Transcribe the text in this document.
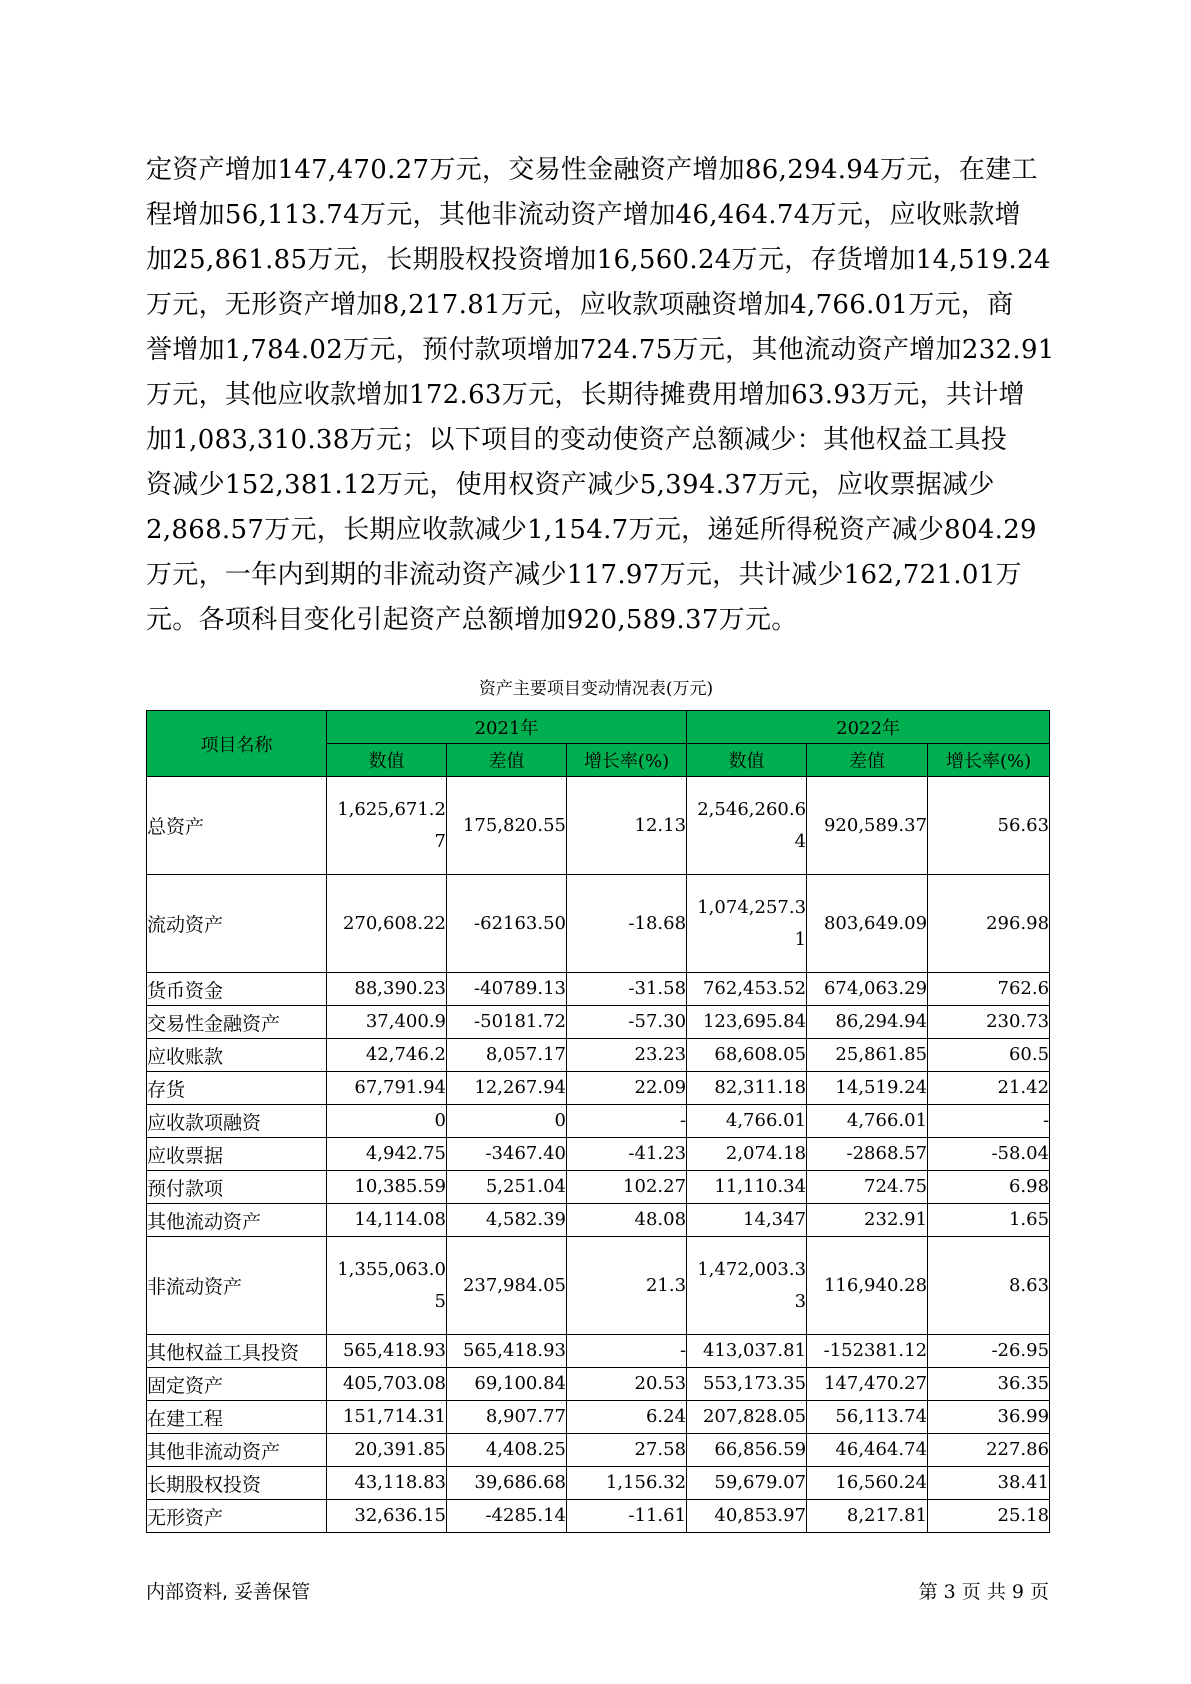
定资产增加147,470.27万元，交易性金融资产增加86,294.94万元，在建工

程增加56,113.74万元，其他非流动资产增加46,464.74万元，应收账款增

加25,861.85万元，长期股权投资增加16,560.24万元，存货增加14,519.24

万元，无形资产增加8,217.81万元，应收款项融资增加4,766.01万元，商

誉增加1,784.02万元，预付款项增加724.75万元，其他流动资产增加232.91

万元，其他应收款增加172.63万元，长期待摊费用增加63.93万元，共计增

加1,083,310.38万元；以下项目的变动使资产总额减少：其他权益工具投

资减少152,381.12万元，使用权资产减少5,394.37万元，应收票据减少

2,868.57万元，长期应收款减少1,154.7万元，递延所得税资产减少804.29

万元，一年内到期的非流动资产减少117.97万元，共计减少162,721.01万

元。各项科目变化引起资产总额增加920,589.37万元。

资产主要项目变动情况表(万元)
项目名称	2021年			2022年		
	数值	差值	增长率(%)	数值	差值	增长率(%)
总资产	1,625,671.27	175,820.55	12.13	2,546,260.64	920,589.37	56.63
流动资产	270,608.22	-62163.50	-18.68	1,074,257.31	803,649.09	296.98
货币资金	88,390.23	-40789.13	-31.58	762,453.52	674,063.29	762.6
交易性金融资产	37,400.9	-50181.72	-57.30	123,695.84	86,294.94	230.73
应收账款	42,746.2	8,057.17	23.23	68,608.05	25,861.85	60.5
存货	67,791.94	12,267.94	22.09	82,311.18	14,519.24	21.42
应收款项融资	0	0	-	4,766.01	4,766.01	-
应收票据	4,942.75	-3467.40	-41.23	2,074.18	-2868.57	-58.04
预付款项	10,385.59	5,251.04	102.27	11,110.34	724.75	6.98
其他流动资产	14,114.08	4,582.39	48.08	14,347	232.91	1.65
非流动资产	1,355,063.05	237,984.05	21.3	1,472,003.33	116,940.28	8.63
其他权益工具投资	565,418.93	565,418.93	-	413,037.81	-152381.12	-26.95
固定资产	405,703.08	69,100.84	20.53	553,173.35	147,470.27	36.35
在建工程	151,714.31	8,907.77	6.24	207,828.05	56,113.74	36.99
其他非流动资产	20,391.85	4,408.25	27.58	66,856.59	46,464.74	227.86
长期股权投资	43,118.83	39,686.68	1,156.32	59,679.07	16,560.24	38.41
无形资产	32,636.15	-4285.14	-11.61	40,853.97	8,217.81	25.18
内部资料, 妥善保管	第 3 页 共 9 页
